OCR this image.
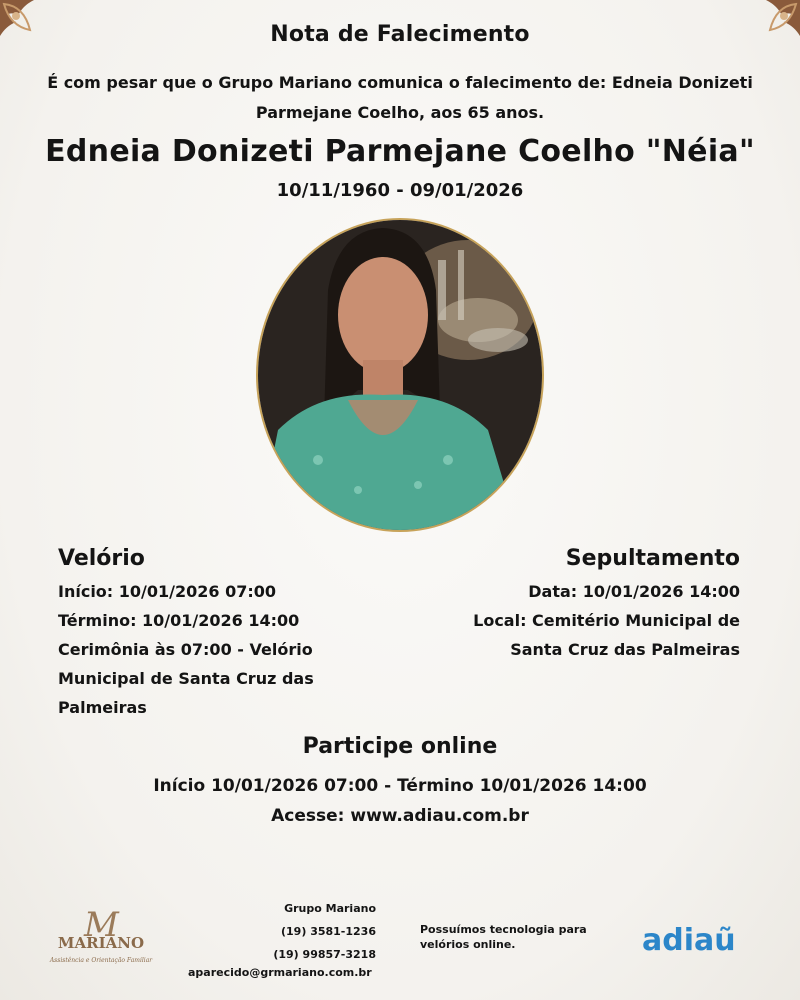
Nota de Falecimento
É com pesar que o Grupo Mariano comunica o falecimento de: Edneia Donizeti Parmejane Coelho, aos 65 anos.
Edneia Donizeti Parmejane Coelho "Néia"
10/11/1960 - 09/01/2026
Velório
Início: 10/01/2026 07:00
Término: 10/01/2026 14:00
Cerimônia às 07:00 - Velório
Municipal de Santa Cruz das
Palmeiras
Sepultamento
Data: 10/01/2026 14:00
Local: Cemitério Municipal de
Santa Cruz das Palmeiras
Participe online
Início 10/01/2026 07:00 - Término 10/01/2026 14:00
Acesse: www.adiau.com.br
M
MARIANO
Assistência e Orientação Familiar
Grupo Mariano
(19) 3581-1236
(19) 99857-3218
aparecido@grmariano.com.br
Possuímos tecnologia para
velórios online.	adiaũ
